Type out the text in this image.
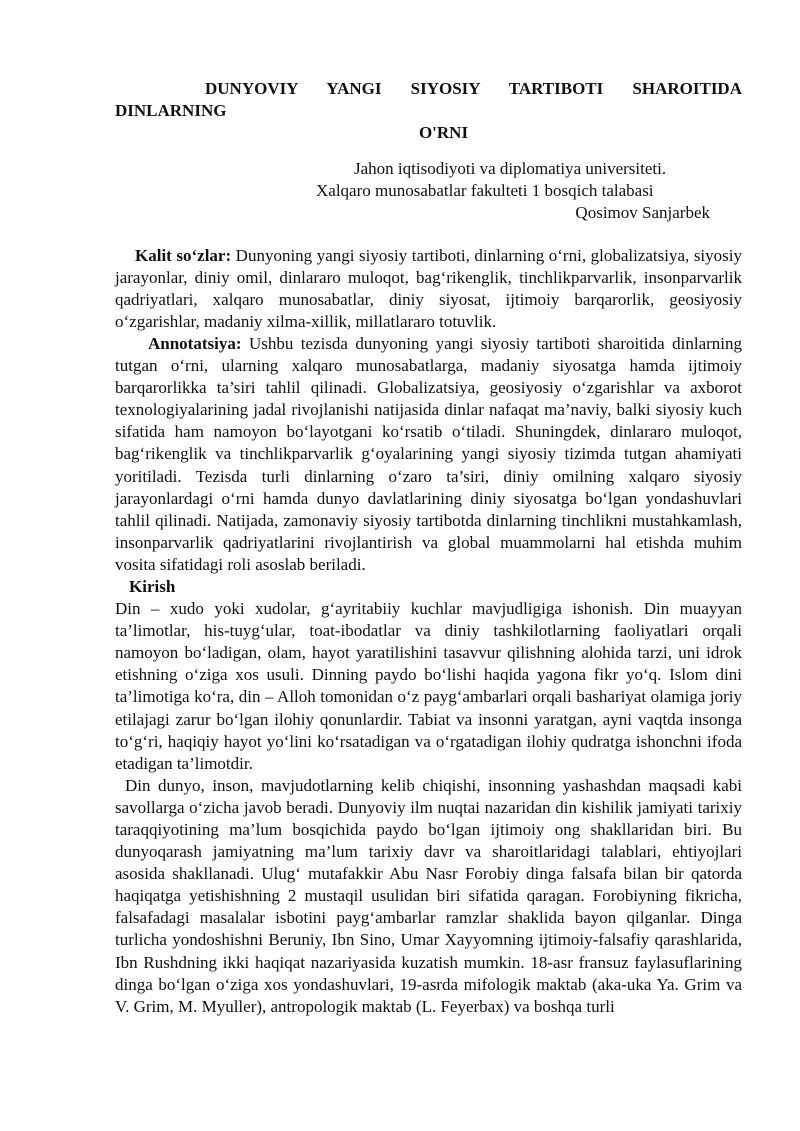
DUNYOVIY YANGI SIYOSIY TARTIBOTI SHAROITIDA
DINLARNING
O'RNI
Jahon iqtisodiyoti va diplomatiya universiteti.
Xalqaro munosabatlar fakulteti 1 bosqich talabasi
Qosimov Sanjarbek

Kalit so‘zlar: Dunyoning yangi siyosiy tartiboti, dinlarning o‘rni, globalizatsiya, siyosiy jarayonlar, diniy omil, dinlararo muloqot, bag‘rikenglik, tinchlikparvarlik, insonparvarlik qadriyatlari, xalqaro munosabatlar, diniy siyosat, ijtimoiy barqarorlik, geosiyosiy o‘zgarishlar, madaniy xilma-xillik, millatlararo totuvlik.

Annotatsiya: Ushbu tezisda dunyoning yangi siyosiy tartiboti sharoitida dinlarning tutgan o‘rni, ularning xalqaro munosabatlarga, madaniy siyosatga hamda ijtimoiy barqarorlikka ta’siri tahlil qilinadi. Globalizatsiya, geosiyosiy o‘zgarishlar va axborot texnologiyalarining jadal rivojlanishi natijasida dinlar nafaqat ma’naviy, balki siyosiy kuch sifatida ham namoyon bo‘layotgani ko‘rsatib o‘tiladi. Shuningdek, dinlararo muloqot, bag‘rikenglik va tinchlikparvarlik g‘oyalarining yangi siyosiy tizimda tutgan ahamiyati yoritiladi. Tezisda turli dinlarning o‘zaro ta’siri, diniy omilning xalqaro siyosiy jarayonlardagi o‘rni hamda dunyo davlatlarining diniy siyosatga bo‘lgan yondashuvlari tahlil qilinadi. Natijada, zamonaviy siyosiy tartibotda dinlarning tinchlikni mustahkamlash, insonparvarlik qadriyatlarini rivojlantirish va global muammolarni hal etishda muhim vosita sifatidagi roli asoslab beriladi.

Kirish

Din – xudo yoki xudolar, g‘ayritabiiy kuchlar mavjudligiga ishonish. Din muayyan ta’limotlar, his-tuyg‘ular, toat-ibodatlar va diniy tashkilotlarning faoliyatlari orqali namoyon bo‘ladigan, olam, hayot yaratilishini tasavvur qilishning alohida tarzi, uni idrok etishning o‘ziga xos usuli. Dinning paydo bo‘lishi haqida yagona fikr yo‘q. Islom dini ta’limotiga ko‘ra, din – Alloh tomonidan o‘z payg‘ambarlari orqali bashariyat olamiga joriy etilajagi zarur bo‘lgan ilohiy qonunlardir. Tabiat va insonni yaratgan, ayni vaqtda insonga to‘g‘ri, haqiqiy hayot yo‘lini ko‘rsatadigan va o‘rgatadigan ilohiy qudratga ishonchni ifoda etadigan ta’limotdir.

Din dunyo, inson, mavjudotlarning kelib chiqishi, insonning yashashdan maqsadi kabi savollarga o‘zicha javob beradi. Dunyoviy ilm nuqtai nazaridan din kishilik jamiyati tarixiy taraqqiyotining ma’lum bosqichida paydo bo‘lgan ijtimoiy ong shakllaridan biri. Bu dunyoqarash jamiyatning ma’lum tarixiy davr va sharoitlaridagi talablari, ehtiyojlari asosida shakllanadi. Ulug‘ mutafakkir Abu Nasr Forobiy dinga falsafa bilan bir qatorda haqiqatga yetishishning 2 mustaqil usulidan biri sifatida qaragan. Forobiyning fikricha, falsafadagi masalalar isbotini payg‘ambarlar ramzlar shaklida bayon qilganlar. Dinga turlicha yondoshishni Beruniy, Ibn Sino, Umar Xayyomning ijtimoiy-falsafiy qarashlarida, Ibn Rushdning ikki haqiqat nazariyasida kuzatish mumkin. 18-asr fransuz faylasuflarining dinga bo‘lgan o‘ziga xos yondashuvlari, 19-asrda mifologik maktab (aka-uka Ya. Grim va V. Grim, M. Myuller), antropologik maktab (L. Feyerbax) va boshqa turli
